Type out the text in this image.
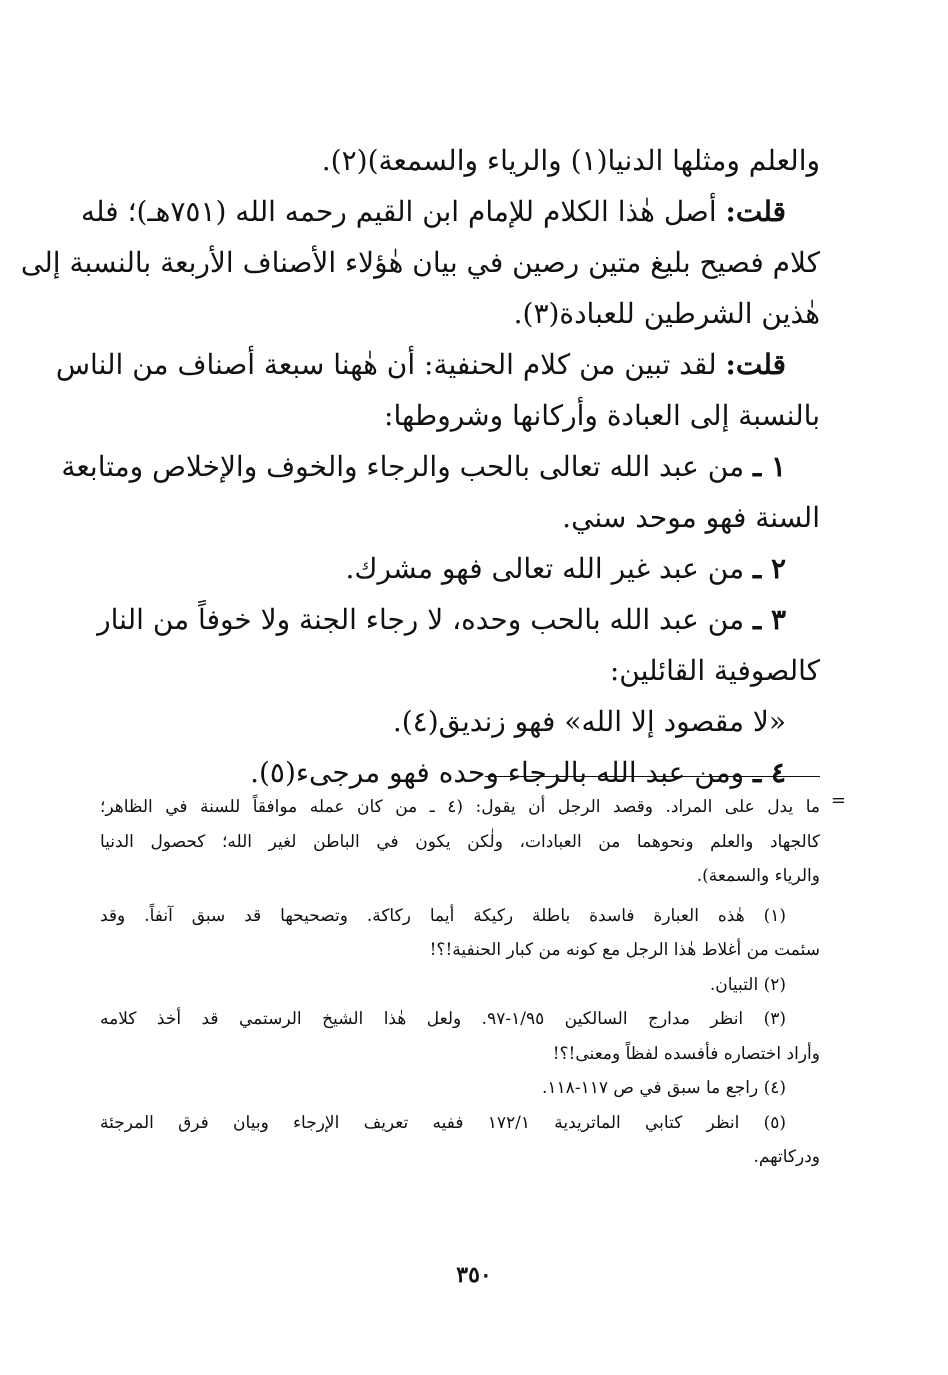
والعلم ومثلها الدنيا(١) والرياء والسمعة)(٢).
قلت: أصل هٰذا الكلام للإمام ابن القيم رحمه الله (٧٥١هـ)؛ فله
كلام فصيح بليغ متين رصين في بيان هٰؤلاء الأصناف الأربعة بالنسبة إلى
هٰذين الشرطين للعبادة(٣).
قلت: لقد تبين من كلام الحنفية: أن هٰهنا سبعة أصناف من الناس
بالنسبة إلى العبادة وأركانها وشروطها:
١ ـ من عبد الله تعالى بالحب والرجاء والخوف والإخلاص ومتابعة
السنة فهو موحد سني.
٢ ـ من عبد غير الله تعالى فهو مشرك.
٣ ـ من عبد الله بالحب وحده، لا رجاء الجنة ولا خوفاً من النار
كالصوفية القائلين:
«لا مقصود إلا الله» فهو زنديق(٤).
٤ ـ ومن عبد الله بالرجاء وحده فهو مرجىء(٥).
=
ما يدل على المراد. وقصد الرجل أن يقول: (٤ ـ من كان عمله موافقاً للسنة في الظاهر؛
كالجهاد والعلم ونحوهما من العبادات، ولٰكن يكون في الباطن لغير الله؛ كحصول الدنيا
والرياء والسمعة).
(١) هٰذه العبارة فاسدة باطلة ركيكة أيما ركاكة. وتصحيحها قد سبق آنفاً. وقد
سئمت من أغلاط هٰذا الرجل مع كونه من كبار الحنفية!؟!
(٢) التبيان.
(٣) انظر مدارج السالكين ١/٩٥-٩٧. ولعل هٰذا الشيخ الرستمي قد أخذ كلامه
وأراد اختصاره فأفسده لفظاً ومعنى!؟!
(٤) راجع ما سبق في ص ١١٧-١١٨.
(٥) انظر كتابي الماتريدية ١٧٢/١ ففيه تعريف الإرجاء وبيان فرق المرجئة
ودركاتهم.
٣٥٠
